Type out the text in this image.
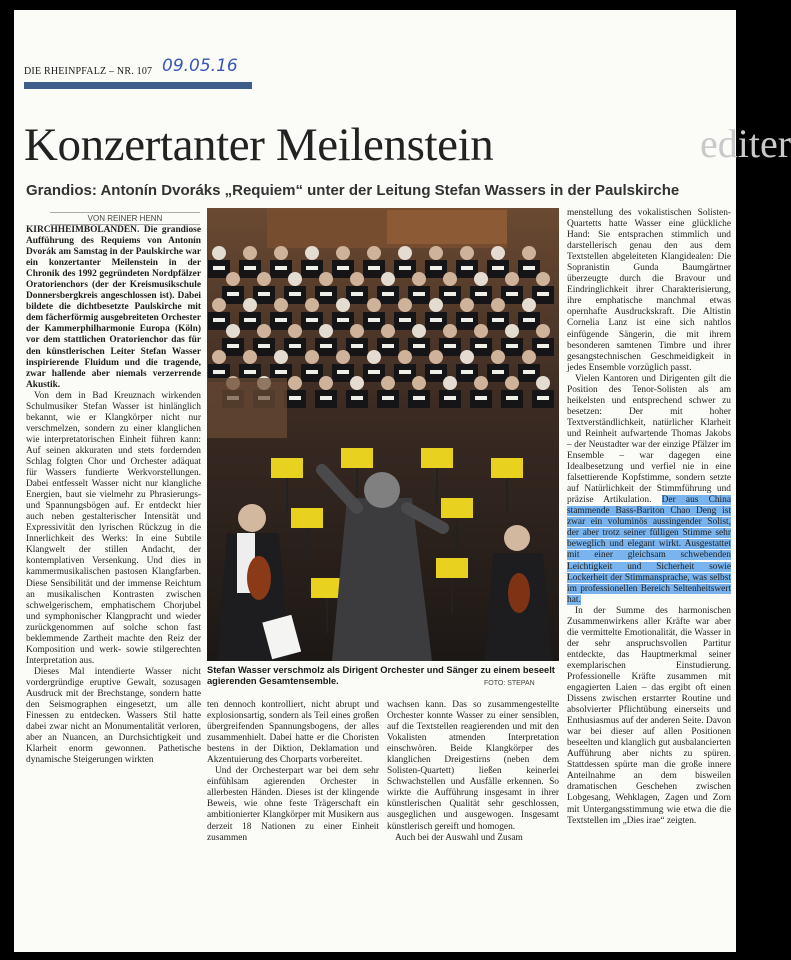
DIE RHEINPFALZ – NR. 107 09.05.16
editer
Konzertanter Meilenstein
Grandios: Antonín Dvoráks „Requiem“ unter der Leitung Stefan Wassers in der Paulskirche
VON REINER HENN

KIRCHHEIMBOLANDEN. Die grandiose Aufführung des Requiems von Antonín Dvorák am Samstag in der Paulskirche war ein konzertanter Meilenstein in der Chronik des 1992 gegründeten Nordpfälzer Oratorienchors (der der Kreismusikschule Donnersbergkreis angeschlossen ist). Dabei bildete die dichtbesetzte Paulskirche mit dem fächerförmig ausgebreiteten Orchester der Kammerphilharmonie Europa (Köln) vor dem stattlichen Oratorienchor das für den künstlerischen Leiter Stefan Wasser inspirierende Fluidum und die tragende, zwar hallende aber niemals verzerrende Akustik.

Von dem in Bad Kreuznach wirkenden Schulmusiker Stefan Wasser ist hinlänglich bekannt, wie er Klangkörper nicht nur verschmelzen, sondern zu einer klanglichen wie interpretatorischen Einheit führen kann: Auf seinen akkuraten und stets fordernden Schlag folgten Chor und Orchester adäquat für Wassers fundierte Werkvorstellungen. Dabei entfesselt Wasser nicht nur klangliche Energien, baut sie vielmehr zu Phrasierungs- und Spannungsbögen auf. Er entdeckt hier auch neben gestalterischer Intensität und Expressivität den lyrischen Rückzug in die Innerlichkeit des Werks: In eine Subtile Klangwelt der stillen Andacht, der kontemplativen Versenkung. Und dies in kammermusikalischen pastosen Klangfarben. Diese Sensibilität und der immense Reichtum an musikalischen Kontrasten zwischen schwelgerischem, emphatischem Chorjubel und symphonischer Klangpracht und wieder zurückgenommen auf solche schon fast beklemmende Zartheit machte den Reiz der Komposition und werk- sowie stilgerechten Interpretation aus.

Dieses Mal intendierte Wasser nicht vordergründige eruptive Gewalt, sozusagen Ausdruck mit der Brechstange, sondern hatte den Seismographen eingesetzt, um alle Finessen zu entdecken. Wassers Stil hatte dabei zwar nicht an Monumentalität verloren, aber an Nuancen, an Durchsichtigkeit und Klarheit enorm gewonnen. Pathetische dynamische Steigerungen wirkten

Stefan Wasser verschmolz als Dirigent Orchester und Sänger zu einem beseelt agierenden Gesamtensemble.	FOTO: STEPAN

ten dennoch kontrolliert, nicht abrupt und explosionsartig, sondern als Teil eines großen übergreifenden Spannungsbogens, der alles zusammenhielt. Dabei hatte er die Choristen bestens in der Diktion, Deklamation und Akzentuierung des Chorparts vorbereitet.

Und der Orchesterpart war bei dem sehr einfühlsam agierenden Orchester in allerbesten Händen. Dieses ist der klingende Beweis, wie ohne feste Trägerschaft ein ambitionierter Klangkörper mit Musikern aus derzeit 18 Nationen zu einer Einheit zusammen

wachsen kann. Das so zusammengestellte Orchester konnte Wasser zu einer sensiblen, auf die Textstellen reagierenden und mit den Vokalisten atmenden Interpretation einschwören. Beide Klangkörper des klanglichen Dreigestirns (neben dem Solisten-Quartett) ließen keinerlei Schwachstellen und Ausfälle erkennen. So wirkte die Aufführung insgesamt in ihrer künstlerischen Qualität sehr geschlossen, ausgeglichen und ausgewogen. Insgesamt künstlerisch gereift und homogen.

Auch bei der Auswahl und Zusam

menstellung des vokalistischen Solisten-Quartetts hatte Wasser eine glückliche Hand: Sie entsprachen stimmlich und darstellerisch genau den aus dem Textstellen abgeleiteten Klangidealen: Die Sopranistin Gunda Baumgärtner überzeugte durch die Bravour und Eindringlichkeit ihrer Charakterisierung, ihre emphatische manchmal etwas opernhafte Ausdruckskraft. Die Altistin Cornelia Lanz ist eine sich nahtlos einfügende Sängerin, die mit ihrem besonderen samtenen Timbre und ihrer gesangstechnischen Geschmeidigkeit in jedes Ensemble vorzüglich passt.

Vielen Kantoren und Dirigenten gilt die Position des Tenor-Solisten als am heikelsten und entsprechend schwer zu besetzen: Der mit hoher Textverständlichkeit, natürlicher Klarheit und Reinheit aufwartende Thomas Jakobs – der Neustadter war der einzige Pfälzer im Ensemble – war dagegen eine Idealbesetzung und verfiel nie in eine falsettierende Kopfstimme, sondern setzte auf Natürlichkeit der Stimmführung und präzise Artikulation. Der aus China stammende Bass-Bariton Chao Deng ist zwar ein voluminös aussingender Solist, der aber trotz seiner fülligen Stimme sehr beweglich und elegant wirkt. Ausgestattet mit einer gleichsam schwebenden Leichtigkeit und Sicherheit sowie Lockerheit der Stimmansprache, was selbst im professionellen Bereich Seltenheitswert hat.

In der Summe des harmonischen Zusammenwirkens aller Kräfte war aber die vermittelte Emotionalität, die Wasser in der sehr anspruchsvollen Partitur entdeckte, das Hauptmerkmal seiner exemplarischen Einstudierung. Professionelle Kräfte zusammen mit engagierten Laien – das ergibt oft einen Dissens zwischen erstarrter Routine und absolvierter Pflichtübung einerseits und Enthusiasmus auf der anderen Seite. Davon war bei dieser auf allen Positionen beseelten und klanglich gut ausbalancierten Aufführung aber nichts zu spüren. Stattdessen spürte man die große innere Anteilnahme an dem bisweilen dramatischen Geschehen zwischen Lobgesang, Wehklagen, Zagen und Zorn mit Untergangsstimmung wie etwa die die Textstellen im „Dies irae“ zeigten.
